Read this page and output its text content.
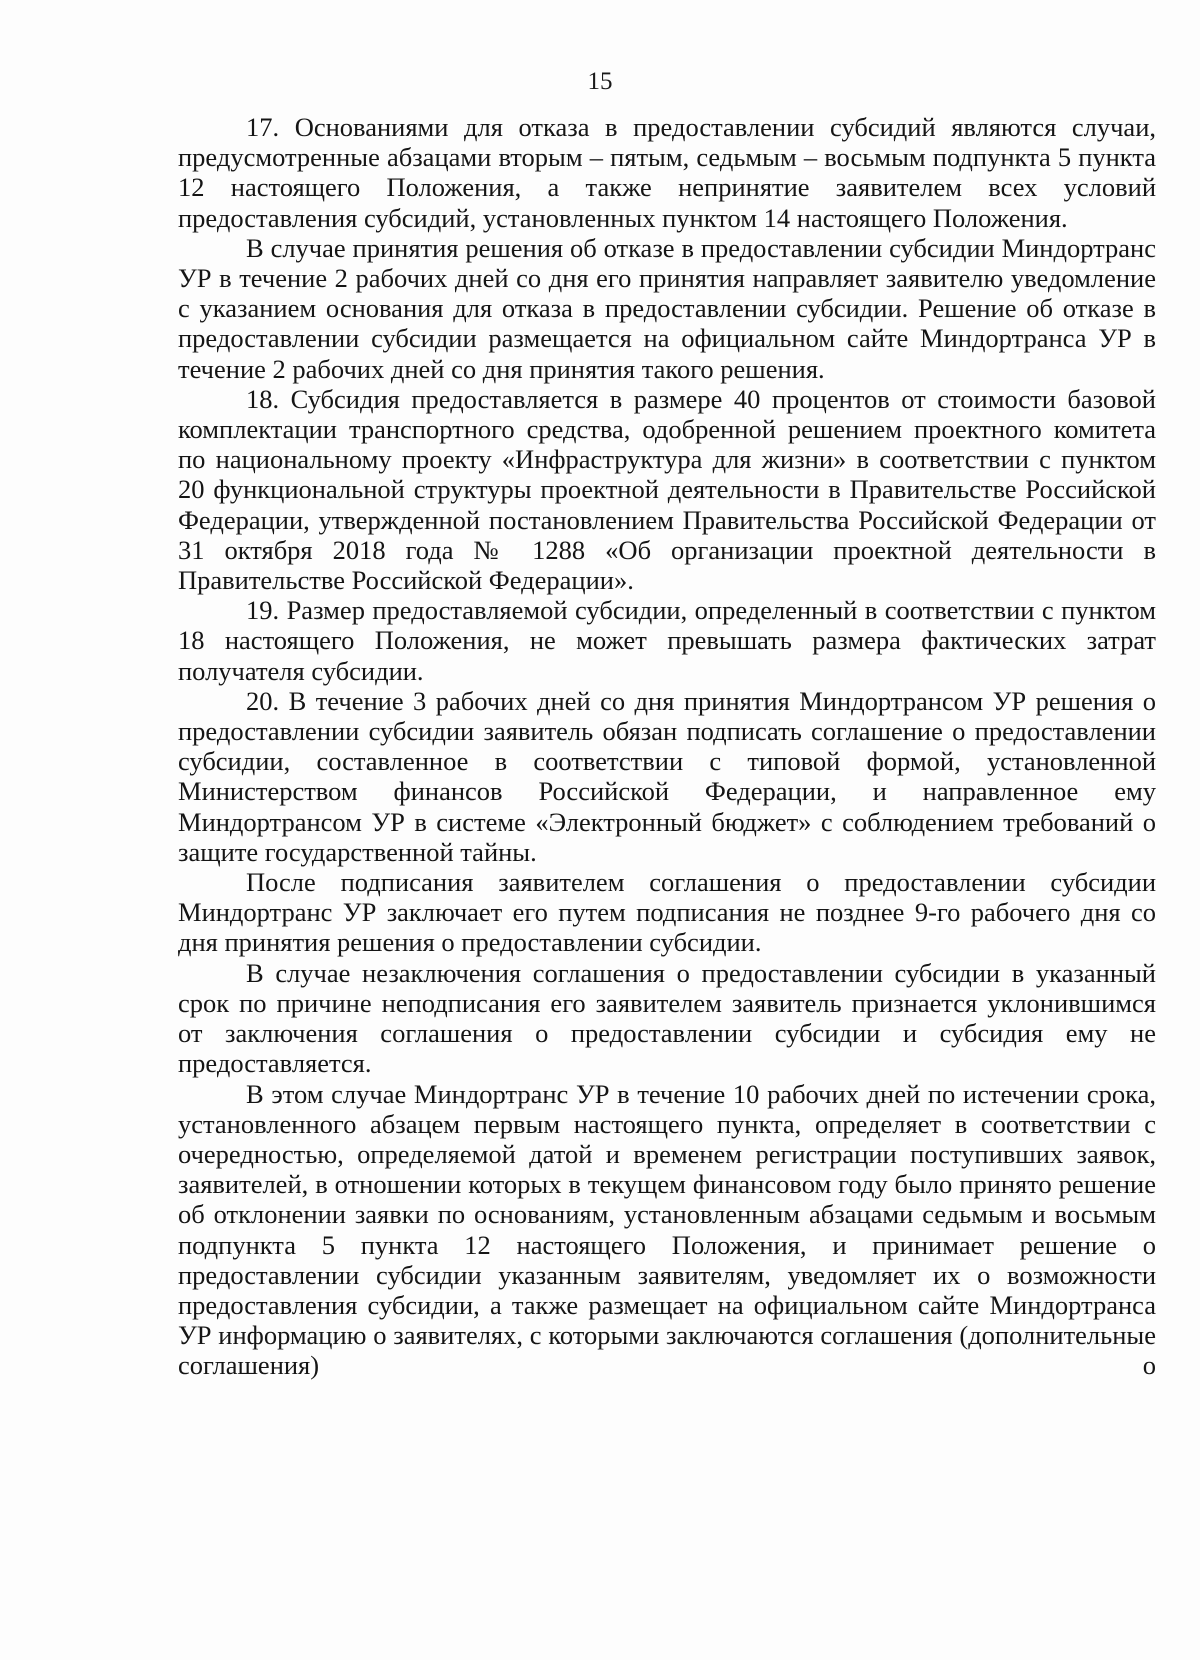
15

17. Основаниями для отказа в предоставлении субсидий являются случаи, предусмотренные абзацами вторым – пятым, седьмым – восьмым подпункта 5 пункта 12 настоящего Положения, а также непринятие заявителем всех условий предоставления субсидий, установленных пунктом 14 настоящего Положения.

В случае принятия решения об отказе в предоставлении субсидии Миндортранс УР в течение 2 рабочих дней со дня его принятия направляет заявителю уведомление с указанием основания для отказа в предоставлении субсидии. Решение об отказе в предоставлении субсидии размещается на официальном сайте Миндортранса УР в течение 2 рабочих дней со дня принятия такого решения.

18. Субсидия предоставляется в размере 40 процентов от стоимости базовой комплектации транспортного средства, одобренной решением проектного комитета по национальному проекту «Инфраструктура для жизни» в соответствии с пунктом 20 функциональной структуры проектной деятельности в Правительстве Российской Федерации, утвержденной постановлением Правительства Российской Федерации от 31 октября 2018 года № 1288 «Об организации проектной деятельности в Правительстве Российской Федерации».

19. Размер предоставляемой субсидии, определенный в соответствии с пунктом 18 настоящего Положения, не может превышать размера фактических затрат получателя субсидии.

20. В течение 3 рабочих дней со дня принятия Миндортрансом УР решения о предоставлении субсидии заявитель обязан подписать соглашение о предоставлении субсидии, составленное в соответствии с типовой формой, установленной Министерством финансов Российской Федерации, и направленное ему Миндортрансом УР в системе «Электронный бюджет» с соблюдением требований о защите государственной тайны.

После подписания заявителем соглашения о предоставлении субсидии Миндортранс УР заключает его путем подписания не позднее 9-го рабочего дня со дня принятия решения о предоставлении субсидии.

В случае незаключения соглашения о предоставлении субсидии в указанный срок по причине неподписания его заявителем заявитель признается уклонившимся от заключения соглашения о предоставлении субсидии и субсидия ему не предоставляется.

В этом случае Миндортранс УР в течение 10 рабочих дней по истечении срока, установленного абзацем первым настоящего пункта, определяет в соответствии с очередностью, определяемой датой и временем регистрации поступивших заявок, заявителей, в отношении которых в текущем финансовом году было принято решение об отклонении заявки по основаниям, установленным абзацами седьмым и восьмым подпункта 5 пункта 12 настоящего Положения, и принимает решение о предоставлении субсидии указанным заявителям, уведомляет их о возможности предоставления субсидии, а также размещает на официальном сайте Миндортранса УР информацию о заявителях, с которыми заключаются соглашения (дополнительные соглашения) о
